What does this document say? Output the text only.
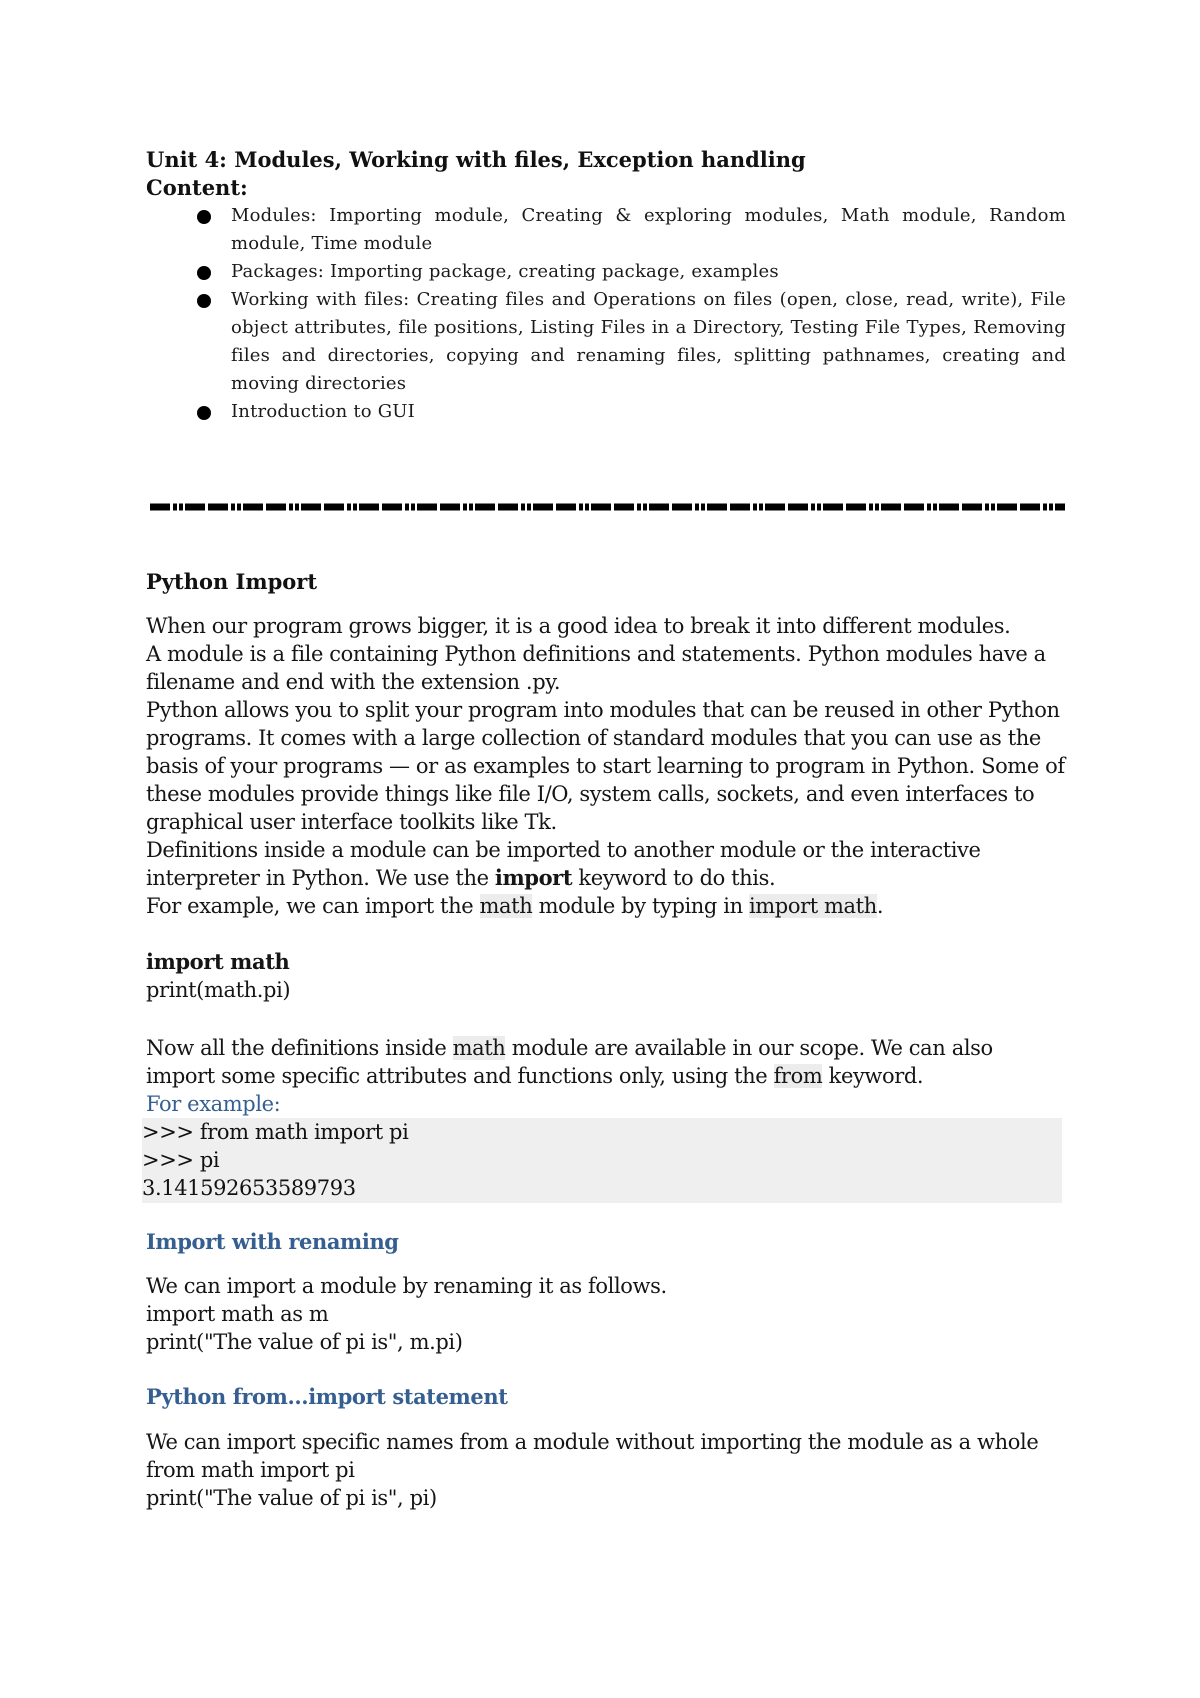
Unit 4: Modules, Working with files, Exception handling
Content:
Modules: Importing module, Creating & exploring modules, Math module, Random module, Time module
Packages: Importing package, creating package, examples
Working with files: Creating files and Operations on files (open, close, read, write), File object attributes, file positions, Listing Files in a Directory, Testing File Types, Removing files and directories, copying and renaming files, splitting pathnames, creating and moving directories
Introduction to GUI
Python Import

When our program grows bigger, it is a good idea to break it into different modules.

A module is a file containing Python definitions and statements. Python modules have a filename and end with the extension .py.

Python allows you to split your program into modules that can be reused in other Python programs. It comes with a large collection of standard modules that you can use as the basis of your programs — or as examples to start learning to program in Python. Some of these modules provide things like file I/O, system calls, sockets, and even interfaces to graphical user interface toolkits like Tk.

Definitions inside a module can be imported to another module or the interactive interpreter in Python. We use the import keyword to do this.

For example, we can import the math module by typing in import math.

import math

print(math.pi)

Now all the definitions inside math module are available in our scope. We can also import some specific attributes and functions only, using the from keyword.

For example:

>>> from math import pi

>>> pi

3.141592653589793

Import with renaming

We can import a module by renaming it as follows.

import math as m

print("The value of pi is", m.pi)

Python from...import statement

We can import specific names from a module without importing the module as a whole

from math import pi

print("The value of pi is", pi)
